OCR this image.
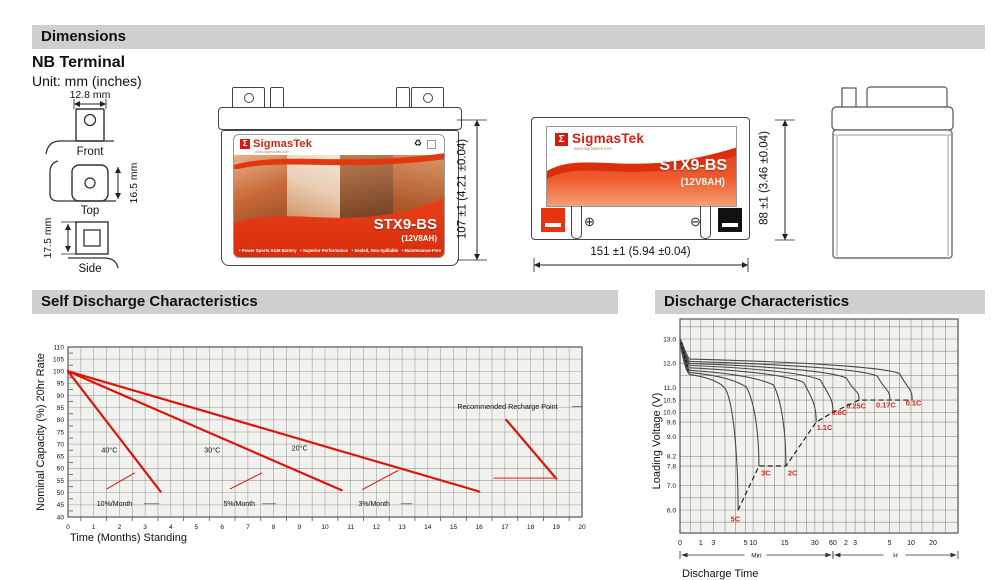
Dimensions
NB Terminal
Unit: mm (inches)
12.8 mm
Front
16.5 mm
Top
17.5 mm
Side
Σ SigmasTek
www.sigmastek.com
♻
STX9-BS
(12V8AH)
• Power Sports AGM Battery • Superior Performance • Sealed, Non-Spillable • Maintenance-Free
107 ±1 (4.21 ±0.04)	Σ SigmasTek
www.sigmastek.com
STX9-BS
(12V8AH)
⊕	⊖	88 ±1 (3.46 ±0.04)
151 ±1 (5.94 ±0.04)
Self Discharge Characteristics	Discharge Characteristics
110
105
100
95
90
85
80
75
70
65
60
55
50
45
40
0	1	2	3	4	5	6	7	8	9	10	11	12	13	14	15	16	17	18	19	20
40°C
10%/Month
30°C
5%/Month
20°C
3%/Month
Recommended Recharge Point
Nominal Capacity (%) 20hr Rate
Time (Months) Standing
13.0
12.0
11.0
10.5
10.0
9.6
9.0
8.2
7.8
7.0
6.0
0 1 3	5 10	15	30 60 2 3	5 10 20
5C
3C 2C
1.1C
0.6C
0.25C 0.17C 0.1C
Min	H
Discharge Time
Loading Voltage (V)
